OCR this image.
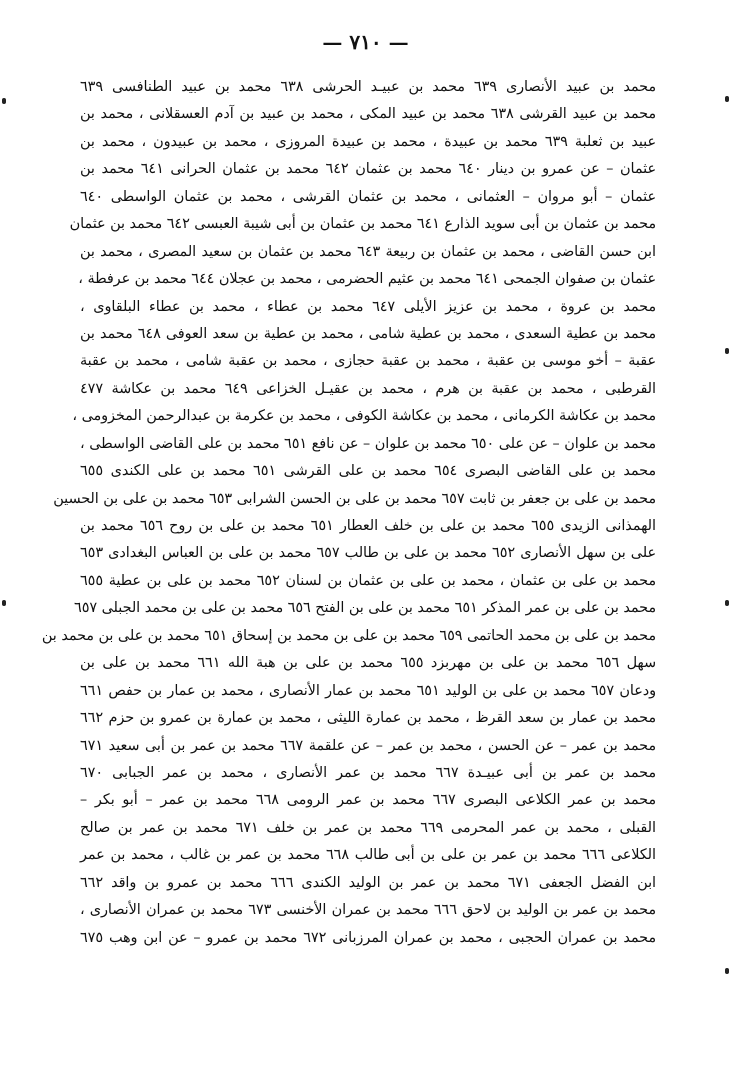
— ٧١٠ —
محمد بن عبيد الأنصارى ٦٣٩ محمد بن عبيـد الحرشى ٦٣٨ محمد بن عبيد الطنافسى ٦٣٩
محمد بن عبيد القرشى ٦٣٨ محمد بن عبيد المكى ، محمد بن عبيد بن آدم العسقلانى ، محمد بن
عبيد بن ثعلبة ٦٣٩ محمد بن عبيدة ، محمد بن عبيدة المروزى ، محمد بن عبيدون ، محمد بن
عثمان – عن عمرو بن دينار ٦٤٠ محمد بن عثمان ٦٤٢ محمد بن عثمان الحرانى ٦٤١ محمد بن
عثمان – أبو مروان – العثمانى ، محمد بن عثمان القرشى ، محمد بن عثمان الواسطى ٦٤٠
محمد بن عثمان بن أبى سويد الذارع ٦٤١ محمد بن عثمان بن أبى شيبة العبسى ٦٤٢ محمد بن عثمان
ابن حسن القاضى ، محمد بن عثمان بن ربيعة ٦٤٣ محمد بن عثمان بن سعيد المصرى ، محمد بن
عثمان بن صفوان الجمحى ٦٤١ محمد بن عثيم الحضرمى ، محمد بن عجلان ٦٤٤ محمد بن عرفطة ،
محمد بن عروة ، محمد بن عزيز الأيلى ٦٤٧ محمد بن عطاء ، محمد بن عطاء البلقاوى ،
محمد بن عطية السعدى ، محمد بن عطية شامى ، محمد بن عطية بن سعد العوفى ٦٤٨ محمد بن
عقبة – أخو موسى بن عقبة ، محمد بن عقبة حجازى ، محمد بن عقبة شامى ، محمد بن عقبة
القرطبى ، محمد بن عقبة بن هرم ، محمد بن عقيـل الخزاعى ٦٤٩ محمد بن عكاشة ٤٧٧
محمد بن عكاشة الكرمانى ، محمد بن عكاشة الكوفى ، محمد بن عكرمة بن عبدالرحمن المخزومى ،
محمد بن علوان – عن على ٦٥٠ محمد بن علوان – عن نافع ٦٥١ محمد بن على القاضى الواسطى ،
محمد بن على القاضى البصرى ٦٥٤ محمد بن على القرشى ٦٥١ محمد بن على الكندى ٦٥٥
محمد بن على بن جعفر بن ثابت ٦٥٧ محمد بن على بن الحسن الشرابى ٦٥٣ محمد بن على بن الحسين
الهمذانى الزيدى ٦٥٥ محمد بن على بن خلف العطار ٦٥١ محمد بن على بن روح ٦٥٦ محمد بن
على بن سهل الأنصارى ٦٥٢ محمد بن على بن طالب ٦٥٧ محمد بن على بن العباس البغدادى ٦٥٣
محمد بن على بن عثمان ، محمد بن على بن عثمان بن لسنان ٦٥٢ محمد بن على بن عطية ٦٥٥
محمد بن على بن عمر المذكر ٦٥١ محمد بن على بن الفتح ٦٥٦ محمد بن على بن محمد الجبلى ٦٥٧
محمد بن على بن محمد الحاتمى ٦٥٩ محمد بن على بن محمد بن إسحاق ٦٥١ محمد بن على بن محمد بن
سهل ٦٥٦ محمد بن على بن مهربزد ٦٥٥ محمد بن على بن هبة الله ٦٦١ محمد بن على بن
ودعان ٦٥٧ محمد بن على بن الوليد ٦٥١ محمد بن عمار الأنصارى ، محمد بن عمار بن حفص ٦٦١
محمد بن عمار بن سعد القرظ ، محمد بن عمارة الليثى ، محمد بن عمارة بن عمرو بن حزم ٦٦٢
محمد بن عمر – عن الحسن ، محمد بن عمر – عن علقمة ٦٦٧ محمد بن عمر بن أبى سعيد ٦٧١
محمد بن عمر بن أبى عبيـدة ٦٦٧ محمد بن عمر الأنصارى ، محمد بن عمر الجبابى ٦٧٠
محمد بن عمر الكلاعى البصرى ٦٦٧ محمد بن عمر الرومى ٦٦٨ محمد بن عمر – أبو بكر –
القبلى ، محمد بن عمر المحرمى ٦٦٩ محمد بن عمر بن خلف ٦٧١ محمد بن عمر بن صالح
الكلاعى ٦٦٦ محمد بن عمر بن على بن أبى طالب ٦٦٨ محمد بن عمر بن غالب ، محمد بن عمر
ابن الفضل الجعفى ٦٧١ محمد بن عمر بن الوليد الكندى ٦٦٦ محمد بن عمرو بن واقد ٦٦٢
محمد بن عمر بن الوليد بن لاحق ٦٦٦ محمد بن عمران الأخنسى ٦٧٣ محمد بن عمران الأنصارى ،
محمد بن عمران الحجبى ، محمد بن عمران المرزبانى ٦٧٢ محمد بن عمرو – عن ابن وهب ٦٧٥
